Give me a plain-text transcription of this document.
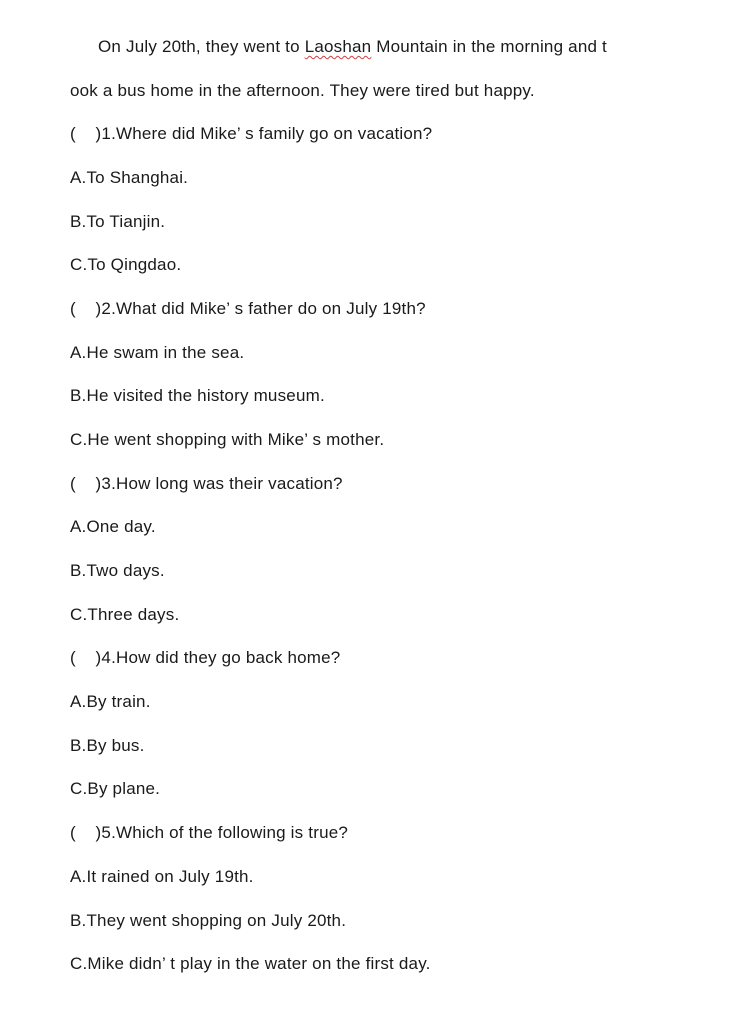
On July 20th, they went to Laoshan Mountain in the morning and t
ook a bus home in the afternoon. They were tired but happy.
(    )1.Where did Mike’ s family go on vacation?
A.To Shanghai.
B.To Tianjin.
C.To Qingdao.
(    )2.What did Mike’ s father do on July 19th?
A.He swam in the sea.
B.He visited the history museum.
C.He went shopping with Mike’ s mother.
(    )3.How long was their vacation?
A.One day.
B.Two days.
C.Three days.
(    )4.How did they go back home?
A.By train.
B.By bus.
C.By plane.
(    )5.Which of the following is true?
A.It rained on July 19th.
B.They went shopping on July 20th.
C.Mike didn’ t play in the water on the first day.
